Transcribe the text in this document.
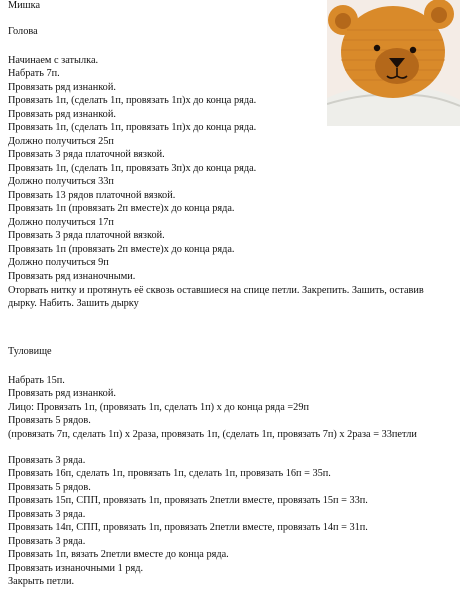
Мишка
Голова
Начинаем с затылка.
Набрать 7п.
Провязать ряд изнанкой.
Провязать 1п, (сделать 1п, провязать 1п)х до конца ряда.
Провязать ряд изнанкой.
Провязать 1п, (сделать 1п, провязать 1п)х до конца ряда.
Должно получиться 25п
Провязать 3 ряда платочной вязкой.
Провязать 1п, (сделать 1п, провязать 3п)х до конца ряда.
Должно получиться 33п
Провязать 13 рядов платочной вязкой.
Провязать 1п (провязать 2п вместе)х до конца ряда.
Должно получиться 17п
Провязать 3 ряда платочной вязкой.
Провязать 1п (провязать 2п вместе)х до конца ряда.
Должно получиться 9п
Провязать ряд изнаночными.
Оторвать нитку и протянуть её сквозь оставшиеся на спице петли. Закрепить. Зашить, оставив дырку. Набить. Зашить дырку
Туловище
Набрать 15п.
Провязать ряд изнанкой.
Лицо: Провязать 1п, (провязать 1п, сделать 1п) х до конца ряда =29п
Провязать 5 рядов.
(провязать 7п, сделать 1п) х 2раза, провязать 1п, (сделать 1п, провязать 7п) х 2раза = 33петли
Провязать 3 ряда.
Провязать 16п, сделать 1п, провязать 1п, сделать 1п, провязать 16п = 35п.
Провязать 5 рядов.
Провязать 15п, СПП, провязать 1п, провязать 2петли вместе, провязать 15п = 33п.
Провязать 3 ряда.
Провязать 14п, СПП, провязать 1п, провязать 2петли вместе, провязать 14п = 31п.
Провязать 3 ряда.
Провязать 1п, вязать 2петли вместе до конца ряда.
Провязать изнаночными 1 ряд.
Закрыть петли.
